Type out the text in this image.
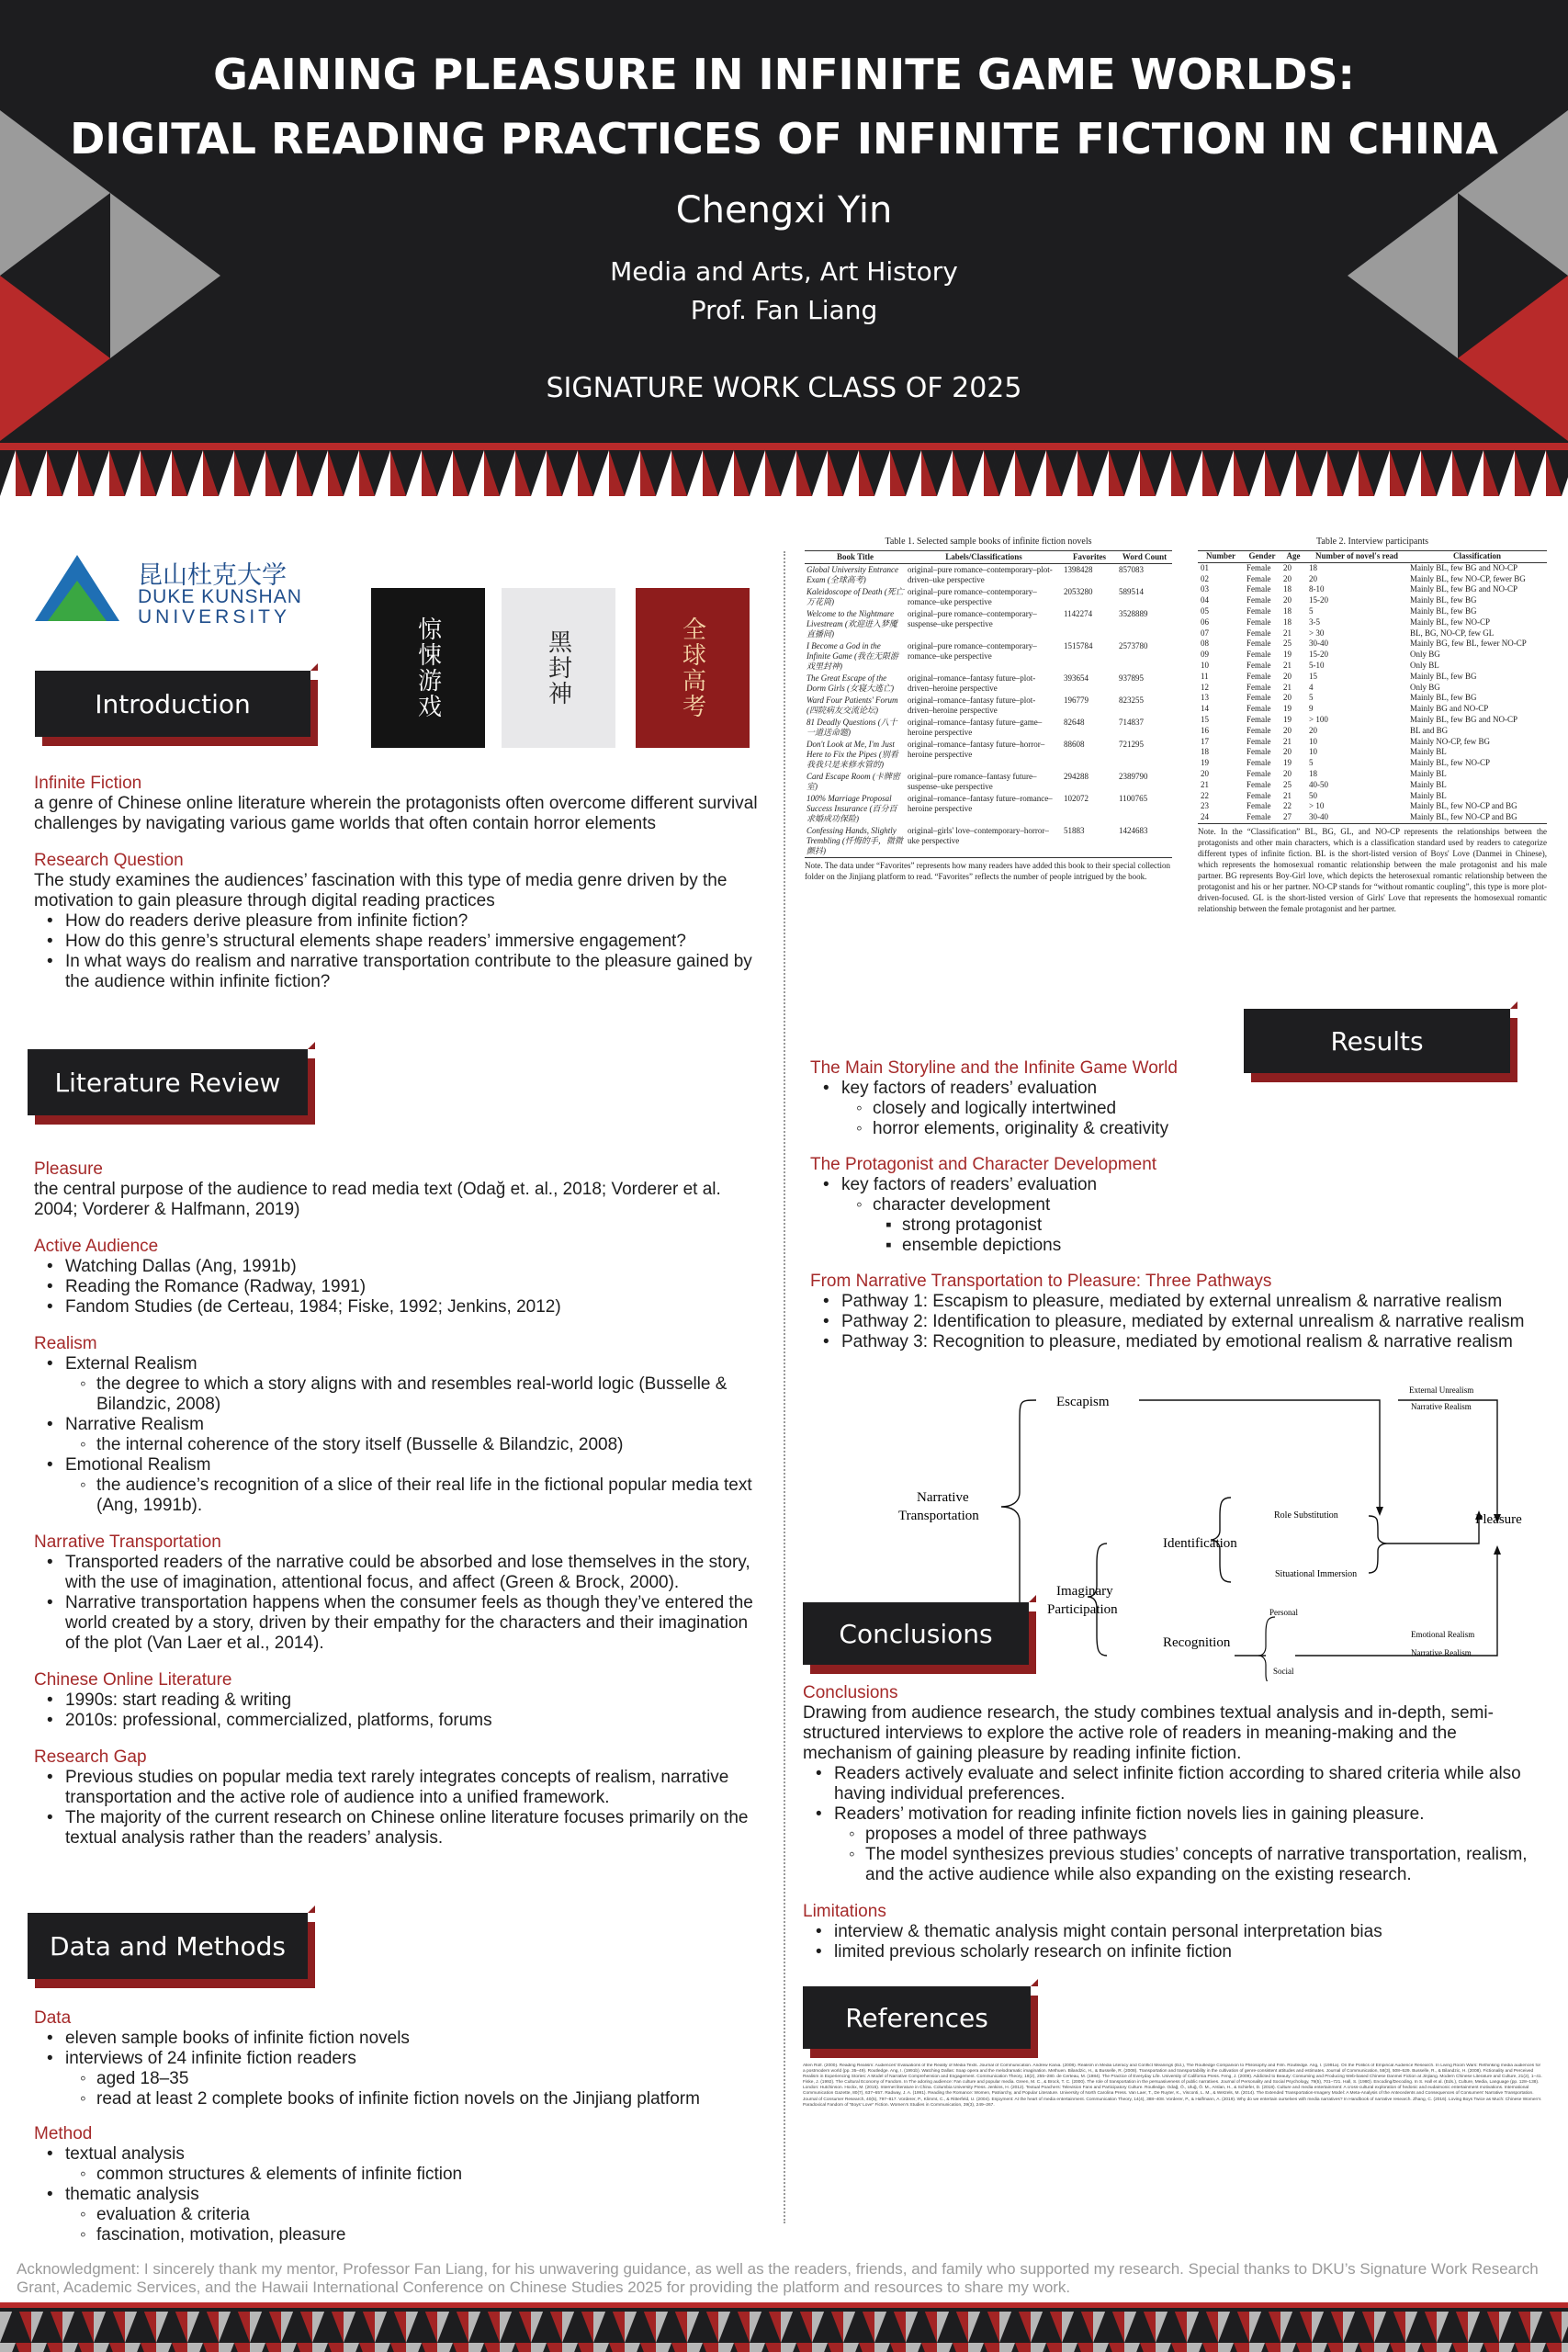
GAINING PLEASURE IN INFINITE GAME WORLDS:
DIGITAL READING PRACTICES OF INFINITE FICTION IN CHINA
Chengxi Yin
Media and Arts, Art History
Prof. Fan Liang
SIGNATURE WORK CLASS OF 2025
昆山杜克大学
DUKE KUNSHAN
UNIVERSITY	惊悚游戏	黑封神	全球高考
Introduction
Infinite Fiction
a genre of Chinese online literature wherein the protagonists often overcome different survival challenges by navigating various game worlds that often contain horror elements
Research Question
The study examines the audiences’ fascination with this type of media genre driven by the motivation to gain pleasure through digital reading practices
• How do readers derive pleasure from infinite fiction?
• How do this genre’s structural elements shape readers’ immersive engagement?
• In what ways do realism and narrative transportation contribute to the pleasure gained by the audience within infinite fiction?
Literature Review
Pleasure
the central purpose of the audience to read media text (Odağ et. al., 2018; Vorderer et al. 2004; Vorderer & Halfmann, 2019)
Active Audience
• Watching Dallas (Ang, 1991b)
• Reading the Romance (Radway, 1991)
• Fandom Studies (de Certeau, 1984; Fiske, 1992; Jenkins, 2012)
Realism
• External Realism
◦ the degree to which a story aligns with and resembles real-world logic (Busselle & Bilandzic, 2008)
• Narrative Realism
◦ the internal coherence of the story itself (Busselle & Bilandzic, 2008)
• Emotional Realism
◦ the audience’s recognition of a slice of their real life in the fictional popular media text (Ang, 1991b).
Narrative Transportation
• Transported readers of the narrative could be absorbed and lose themselves in the story, with the use of imagination, attentional focus, and affect (Green & Brock, 2000).
• Narrative transportation happens when the consumer feels as though they’ve entered the world created by a story, driven by their empathy for the characters and their imagination of the plot (Van Laer et al., 2014).
Chinese Online Literature
• 1990s: start reading & writing
• 2010s: professional, commercialized, platforms, forums
Research Gap
• Previous studies on popular media text rarely integrates concepts of realism, narrative transportation and the active role of audience into a unified framework.
• The majority of the current research on Chinese online literature focuses primarily on the textual analysis rather than the readers’ analysis.
Data and Methods
Data
• eleven sample books of infinite fiction novels
• interviews of 24 infinite fiction readers
◦ aged 18–35
◦ read at least 2 complete books of infinite fiction novels on the Jinjiang platform
Method
• textual analysis
◦ common structures & elements of infinite fiction
• thematic analysis
◦ evaluation & criteria
◦ fascination, motivation, pleasure
Table 1. Selected sample books of infinite fiction novels
Book Title	Labels/Classifications	Favorites	Word Count
Global University Entrance Exam (全球高考)	original–pure romance–contemporary–plot-driven–uke perspective	1398428	857083
Kaleidoscope of Death (死亡万花筒)	original–pure romance–contemporary–romance–uke perspective	2053280	589514
Welcome to the Nightmare Livestream (欢迎进入梦魇直播间)	original–pure romance–contemporary–suspense–uke perspective	1142274	3528889
I Become a God in the Infinite Game (我在无限游戏里封神)	original–pure romance–contemporary–romance–uke perspective	1515784	2573780
The Great Escape of the Dorm Girls (女寝大逃亡)	original–romance–fantasy future–plot-driven–heroine perspective	393654	937895
Ward Four Patients' Forum (四院病友交流论坛)	original–romance–fantasy future–plot-driven–heroine perspective	196779	823255
81 Deadly Questions (八十一道送命题)	original–romance–fantasy future–game–heroine perspective	82648	714837
Don't Look at Me, I'm Just Here to Fix the Pipes (别看我我只是来修水管的)	original–romance–fantasy future–horror–heroine perspective	88608	721295
Card Escape Room (卡牌密室)	original–pure romance–fantasy future–suspense–uke perspective	294288	2389790
100% Marriage Proposal Success Insurance (百分百求婚成功保险)	original–romance–fantasy future–romance–heroine perspective	102072	1100765
Confessing Hands, Slightly Trembling (忏悔的手，微微颤抖)	original–girls' love–contemporary–horror–uke perspective	51883	1424683
Note. The data under “Favorites” represents how many readers have added this book to their special collection folder on the Jinjiang platform to read. “Favorites” reflects the number of people intrigued by the book.
Table 2. Interview participants
Number	Gender	Age	Number of novel's read	Classification
01	Female	20	18	Mainly BL, few BG and NO-CP
02	Female	20	20	Mainly BL, few NO-CP, fewer BG
03	Female	18	8-10	Mainly BL, few BG and NO-CP
04	Female	20	15-20	Mainly BL, few BG
05	Female	18	5	Mainly BL, few BG
06	Female	18	3-5	Mainly BL, few NO-CP
07	Female	21	> 30	BL, BG, NO-CP, few GL
08	Female	25	30-40	Mainly BG, few BL, fewer NO-CP
09	Female	19	15-20	Only BG
10	Female	21	5-10	Only BL
11	Female	20	15	Mainly BL, few BG
12	Female	21	4	Only BG
13	Female	20	5	Mainly BL, few BG
14	Female	19	9	Mainly BG and NO-CP
15	Female	19	> 100	Mainly BL, few BG and NO-CP
16	Female	20	20	BL and BG
17	Female	21	10	Mainly NO-CP, few BG
18	Female	20	10	Mainly BL
19	Female	19	5	Mainly BL, few NO-CP
20	Female	20	18	Mainly BL
21	Female	25	40-50	Mainly BL
22	Female	21	50	Mainly BL
23	Female	22	> 10	Mainly BL, few NO-CP and BG
24	Female	27	30-40	Mainly BL, few NO-CP and BG
Note. In the “Classification” BL, BG, GL, and NO-CP represents the relationships between the protagonists and other main characters, which is a classification standard used by readers to categorize different types of infinite fiction. BL is the short-listed version of Boys' Love (Danmei in Chinese), which represents the homosexual romantic relationship between the male protagonist and his male partner. BG represents Boy-Girl love, which depicts the heterosexual romantic relationship between the protagonist and his or her partner. NO-CP stands for “without romantic coupling”, this type is more plot-driven-focused. GL is the short-listed version of Girls' Love that represents the homosexual romantic relationship between the female protagonist and her partner.
Results
The Main Storyline and the Infinite Game World
• key factors of readers’ evaluation
◦ closely and logically intertwined
◦ horror elements, originality & creativity
The Protagonist and Character Development
• key factors of readers’ evaluation
◦ character development
▪ strong protagonist
▪ ensemble depictions
From Narrative Transportation to Pleasure: Three Pathways
• Pathway 1: Escapism to pleasure, mediated by external unrealism & narrative realism
• Pathway 2: Identification to pleasure, mediated by external unrealism & narrative realism
• Pathway 3: Recognition to pleasure, mediated by emotional realism & narrative realism
Escapism
Narrative
Transportation
Identification
Role Substitution
Situational Immersion
Imaginary
Participation
Recognition
Personal
Social
Pleasure
External Unrealism
Narrative Realism
Emotional Realism
Narrative Realism
Conclusions
Conclusions
Drawing from audience research, the study combines textual analysis and in-depth, semi-structured interviews to explore the active role of readers in meaning-making and the mechanism of gaining pleasure by reading infinite fiction.
• Readers actively evaluate and select infinite fiction according to shared criteria while also having individual preferences.
• Readers’ motivation for reading infinite fiction novels lies in gaining pleasure.
◦ proposes a model of three pathways
◦ The model synthesizes previous studies’ concepts of narrative transportation, realism, and the active audience while also expanding on the existing research.
Limitations
• interview & thematic analysis might contain personal interpretation bias
• limited previous scholarly research on infinite fiction
References
Allen Rolf. (2000). Reading Realism: Audiences’ Evaluations of the Reality of Media Texts. Journal of Communication. Andrew Kania. (2008). Realism in Media Literacy and Conflict Meanings (Ed.), The Routledge Companion to Philosophy and Film. Routledge. Ang, I. (1991a). On the Politics of Empirical Audience Research. In Living Room Wars: Rethinking media audiences for a postmodern world (pp. 35–49). Routledge. Ang, I. (1991b). Watching Dallas: Soap opera and the melodramatic imagination. Methuen. Bilandzic, H., & Busselle, R. (2008). Transportation and transportability in the cultivation of genre-consistent attitudes and estimates. Journal of Communication, 58(3), 508–529. Busselle, R., & Bilandzic, H. (2008). Fictionality and Perceived Realism in Experiencing Stories: A Model of Narrative Comprehension and Engagement. Communication Theory, 18(2), 255–280. de Certeau, M. (1984). The Practice of Everyday Life. University of California Press. Feng, J. (2009). Addicted to Beauty: Consuming and Producing Web-based Chinese Danmei Fiction at Jinjiang. Modern Chinese Literature and Culture, 21(2), 1–41. Fiske, J. (1992). The Cultural Economy of Fandom. In The adoring audience: Fan culture and popular media. Green, M. C., & Brock, T. C. (2000). The role of transportation in the persuasiveness of public narratives. Journal of Personality and Social Psychology, 79(5), 701–721. Hall, S. (1980). Encoding/Decoding. In S. Hall et al. (Eds.), Culture, Media, Language (pp. 128–138). London: Hutchinson. Hockx, M. (2015). Internet literature in China. Columbia University Press. Jenkins, H. (2012). Textual Poachers: Television Fans and Participatory Culture. Routledge. Odağ, Ö., Uluğ, Ö. M., Arslan, H., & Schiefer, D. (2018). Culture and media entertainment: A cross-cultural exploration of hedonic and eudaimonic entertainment motivations. International Communication Gazette, 80(7), 637–657. Radway, J. A. (1991). Reading the Romance: Women, Patriarchy, and Popular Literature. University of North Carolina Press. Van Laer, T., De Ruyter, K., Visconti, L. M., & Wetzels, M. (2014). The Extended Transportation-Imagery Model: A Meta-Analysis of the Antecedents and Consequences of Consumers' Narrative Transportation. Journal of Consumer Research, 40(5), 797–817. Vorderer, P., Klimmt, C., & Ritterfeld, U. (2004). Enjoyment: At the heart of media entertainment. Communication Theory, 14(4), 388–408. Vorderer, P., & Halfmann, A. (2019). Why do we entertain ourselves with media narratives? In Handbook of narrative research. Zhang, C. (2016). Loving Boys Twice as Much: Chinese Women’s Paradoxical Fandom of “Boys’ Love” Fiction. Women’s Studies in Communication, 39(3), 249–267.
Acknowledgment: I sincerely thank my mentor, Professor Fan Liang, for his unwavering guidance, as well as the readers, friends, and family who supported my research. Special thanks to DKU’s Signature Work Research Grant, Academic Services, and the Hawaii International Conference on Chinese Studies 2025 for providing the platform and resources to share my work.
